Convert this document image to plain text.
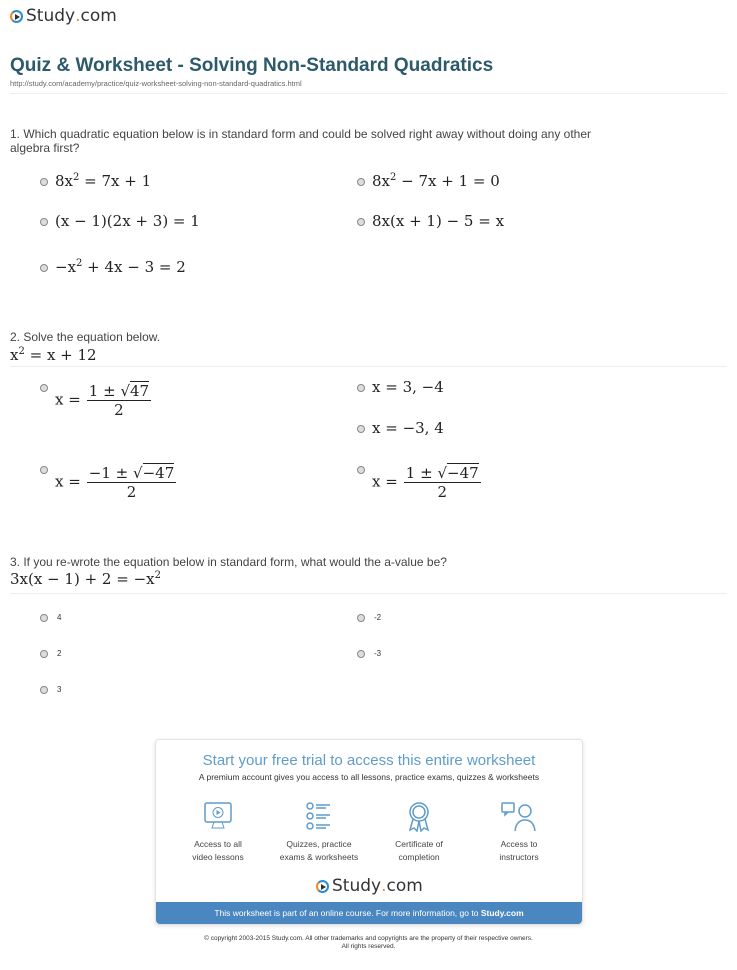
Study . com
Quiz & Worksheet - Solving Non-Standard Quadratics
http://study.com/academy/practice/quiz-worksheet-solving-non-standard-quadratics.html
1. Which quadratic equation below is in standard form and could be solved right away without doing any other algebra first?
2. Solve the equation below.
$x^2 = x + 12$
3. If you re-wrote the equation below in standard form, what would the a-value be?
$3x(x - 1) + 2 = -x^2$
Start your free trial to access this entire worksheet
A premium account gives you access to all lessons, practice exams, quizzes & worksheets
Access to all
video lessons
Quizzes, practice
exams & worksheets
Certificate of
completion
Access to
instructors
Study . com
This worksheet is part of an online course. For more information, go to Study.com
© copyright 2003-2015 Study.com. All other trademarks and copyrights are the property of their respective owners.
All rights reserved.
$8x^2 = 7x + 1$	$8x^2 - 7x + 1 = 0$
(x − 1)(2x + 3) = 1	8x(x + 1) − 5 = x
$-x^2 + 4x - 3 = 2$
$x = \frac{1 \pm √47}{2}$	x = 3, −4
x = −3, 4
$x = \frac{-1 \pm √-47}{2}$	$x = \frac{1 \pm √-47}{2}$
4	-2
2	-3
3
